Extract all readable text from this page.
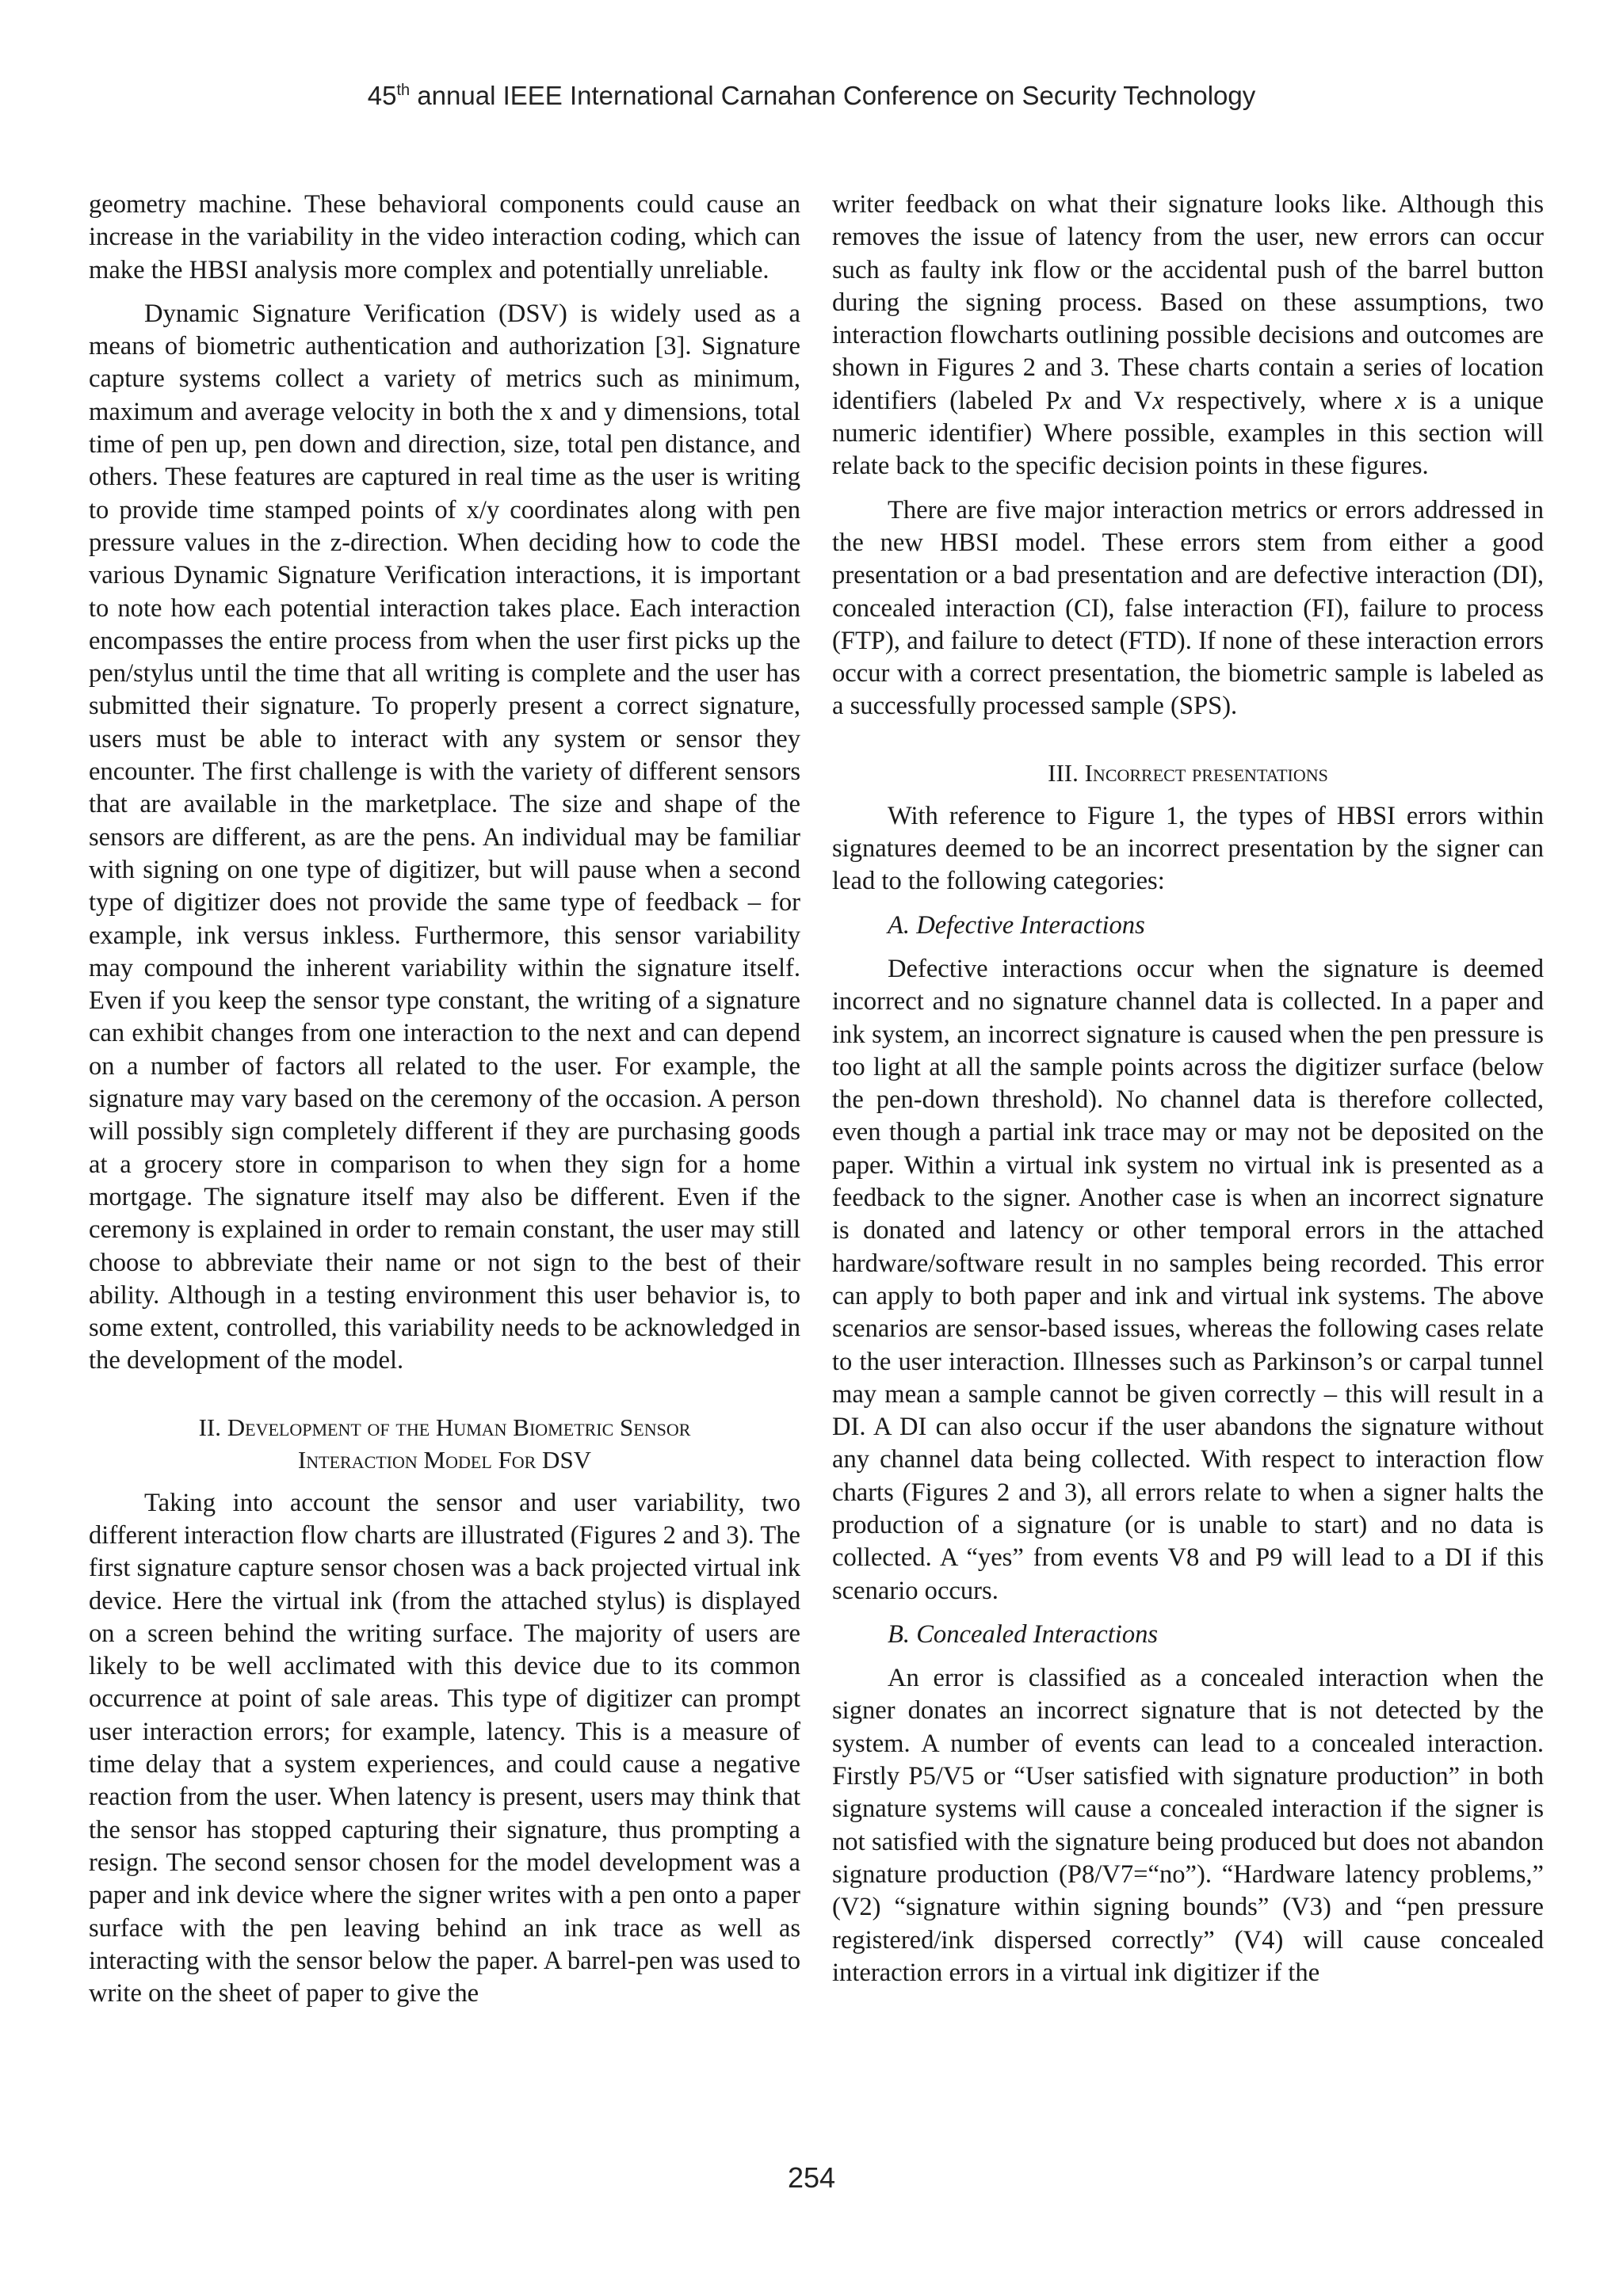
45th annual IEEE International Carnahan Conference on Security Technology

geometry machine. These behavioral components could cause an increase in the variability in the video interaction coding, which can make the HBSI analysis more complex and potentially unreliable.

Dynamic Signature Verification (DSV) is widely used as a means of biometric authentication and authorization [3]. Signature capture systems collect a variety of metrics such as minimum, maximum and average velocity in both the x and y dimensions, total time of pen up, pen down and direction, size, total pen distance, and others. These features are captured in real time as the user is writing to provide time stamped points of x/y coordinates along with pen pressure values in the z-direction. When deciding how to code the various Dynamic Signature Verification interactions, it is important to note how each potential interaction takes place. Each interaction encompasses the entire process from when the user first picks up the pen/stylus until the time that all writing is complete and the user has submitted their signature. To properly present a correct signature, users must be able to interact with any system or sensor they encounter. The first challenge is with the variety of different sensors that are available in the marketplace. The size and shape of the sensors are different, as are the pens. An individual may be familiar with signing on one type of digitizer, but will pause when a second type of digitizer does not provide the same type of feedback – for example, ink versus inkless. Furthermore, this sensor variability may compound the inherent variability within the signature itself. Even if you keep the sensor type constant, the writing of a signature can exhibit changes from one interaction to the next and can depend on a number of factors all related to the user. For example, the signature may vary based on the ceremony of the occasion. A person will possibly sign completely different if they are purchasing goods at a grocery store in comparison to when they sign for a home mortgage. The signature itself may also be different. Even if the ceremony is explained in order to remain constant, the user may still choose to abbreviate their name or not sign to the best of their ability. Although in a testing environment this user behavior is, to some extent, controlled, this variability needs to be acknowledged in the development of the model.

II. Development of the Human Biometric Sensor
Interaction Model For DSV

Taking into account the sensor and user variability, two different interaction flow charts are illustrated (Figures 2 and 3). The first signature capture sensor chosen was a back projected virtual ink device. Here the virtual ink (from the attached stylus) is displayed on a screen behind the writing surface. The majority of users are likely to be well acclimated with this device due to its common occurrence at point of sale areas. This type of digitizer can prompt user interaction errors; for example, latency. This is a measure of time delay that a system experiences, and could cause a negative reaction from the user. When latency is present, users may think that the sensor has stopped capturing their signature, thus prompting a resign. The second sensor chosen for the model development was a paper and ink device where the signer writes with a pen onto a paper surface with the pen leaving behind an ink trace as well as interacting with the sensor below the paper. A barrel-pen was used to write on the sheet of paper to give the

writer feedback on what their signature looks like. Although this removes the issue of latency from the user, new errors can occur such as faulty ink flow or the accidental push of the barrel button during the signing process. Based on these assumptions, two interaction flowcharts outlining possible decisions and outcomes are shown in Figures 2 and 3. These charts contain a series of location identifiers (labeled Px and Vx respectively, where x is a unique numeric identifier) Where possible, examples in this section will relate back to the specific decision points in these figures.

There are five major interaction metrics or errors addressed in the new HBSI model. These errors stem from either a good presentation or a bad presentation and are defective interaction (DI), concealed interaction (CI), false interaction (FI), failure to process (FTP), and failure to detect (FTD). If none of these interaction errors occur with a correct presentation, the biometric sample is labeled as a successfully processed sample (SPS).

III. Incorrect presentations

With reference to Figure 1, the types of HBSI errors within signatures deemed to be an incorrect presentation by the signer can lead to the following categories:

A. Defective Interactions

Defective interactions occur when the signature is deemed incorrect and no signature channel data is collected. In a paper and ink system, an incorrect signature is caused when the pen pressure is too light at all the sample points across the digitizer surface (below the pen-down threshold). No channel data is therefore collected, even though a partial ink trace may or may not be deposited on the paper. Within a virtual ink system no virtual ink is presented as a feedback to the signer. Another case is when an incorrect signature is donated and latency or other temporal errors in the attached hardware/software result in no samples being recorded. This error can apply to both paper and ink and virtual ink systems. The above scenarios are sensor-based issues, whereas the following cases relate to the user interaction. Illnesses such as Parkinson’s or carpal tunnel may mean a sample cannot be given correctly – this will result in a DI. A DI can also occur if the user abandons the signature without any channel data being collected. With respect to interaction flow charts (Figures 2 and 3), all errors relate to when a signer halts the production of a signature (or is unable to start) and no data is collected. A “yes” from events V8 and P9 will lead to a DI if this scenario occurs.

B. Concealed Interactions

An error is classified as a concealed interaction when the signer donates an incorrect signature that is not detected by the system. A number of events can lead to a concealed interaction. Firstly P5/V5 or “User satisfied with signature production” in both signature systems will cause a concealed interaction if the signer is not satisfied with the signature being produced but does not abandon signature production (P8/V7=“no”). “Hardware latency problems,” (V2) “signature within signing bounds” (V3) and “pen pressure registered/ink dispersed correctly” (V4) will cause concealed interaction errors in a virtual ink digitizer if the

254
